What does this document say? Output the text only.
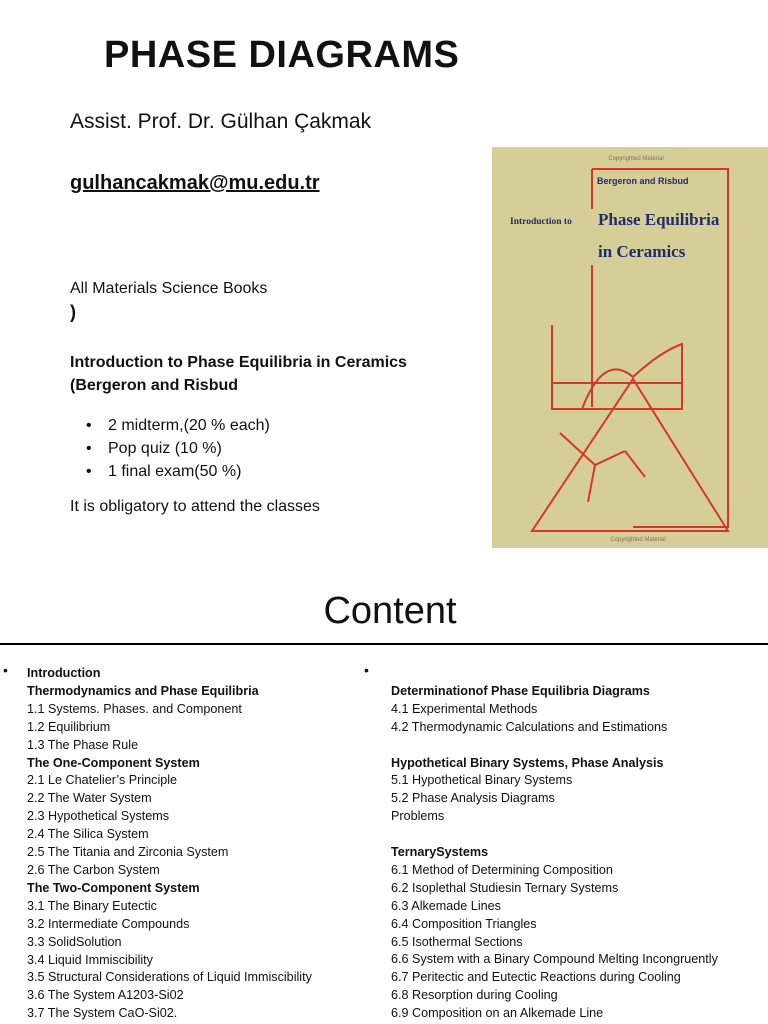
PHASE DIAGRAMS
Assist. Prof. Dr. Gülhan Çakmak
gulhancakmak@mu.edu.tr
All Materials Science Books
)
Introduction to Phase Equilibria in Ceramics
(Bergeron and Risbud
• 2 midterm,(20 % each)
• Pop quiz (10 %)
• 1 final exam(50 %)
It is obligatory to attend the classes
Copyrighted Material
Bergeron and Risbud
Introduction to Phase Equilibria
in Ceramics
Copyrighted Material
Content
•	•
Introduction
Thermodynamics and Phase Equilibria
1.1 Systems. Phases. and Component
1.2 Equilibrium
1.3 The Phase Rule
The One-Component System
2.1 Le Chatelier’s Principle
2.2 The Water System
2.3 Hypothetical Systems
2.4 The Silica System
2.5 The Titania and Zirconia System
2.6 The Carbon System
The Two-Component System
3.1 The Binary Eutectic
3.2 Intermediate Compounds
3.3 SolidSolution
3.4 Liquid Immiscibility
3.5 Structural Considerations of Liquid Immiscibility
3.6 The System A1203-Si02
3.7 The System CaO-Si02.
Determinationof Phase Equilibria Diagrams
4.1 Experimental Methods
4.2 Thermodynamic Calculations and Estimations
Hypothetical Binary Systems, Phase Analysis
5.1 Hypothetical Binary Systems
5.2 Phase Analysis Diagrams
Problems
TernarySystems
6.1 Method of Determining Composition
6.2 Isoplethal Studiesin Ternary Systems
6.3 Alkemade Lines
6.4 Composition Triangles
6.5 Isothermal Sections
6.6 System with a Binary Compound Melting Incongruently
6.7 Peritectic and Eutectic Reactions during Cooling
6.8 Resorption during Cooling
6.9 Composition on an Alkemade Line
